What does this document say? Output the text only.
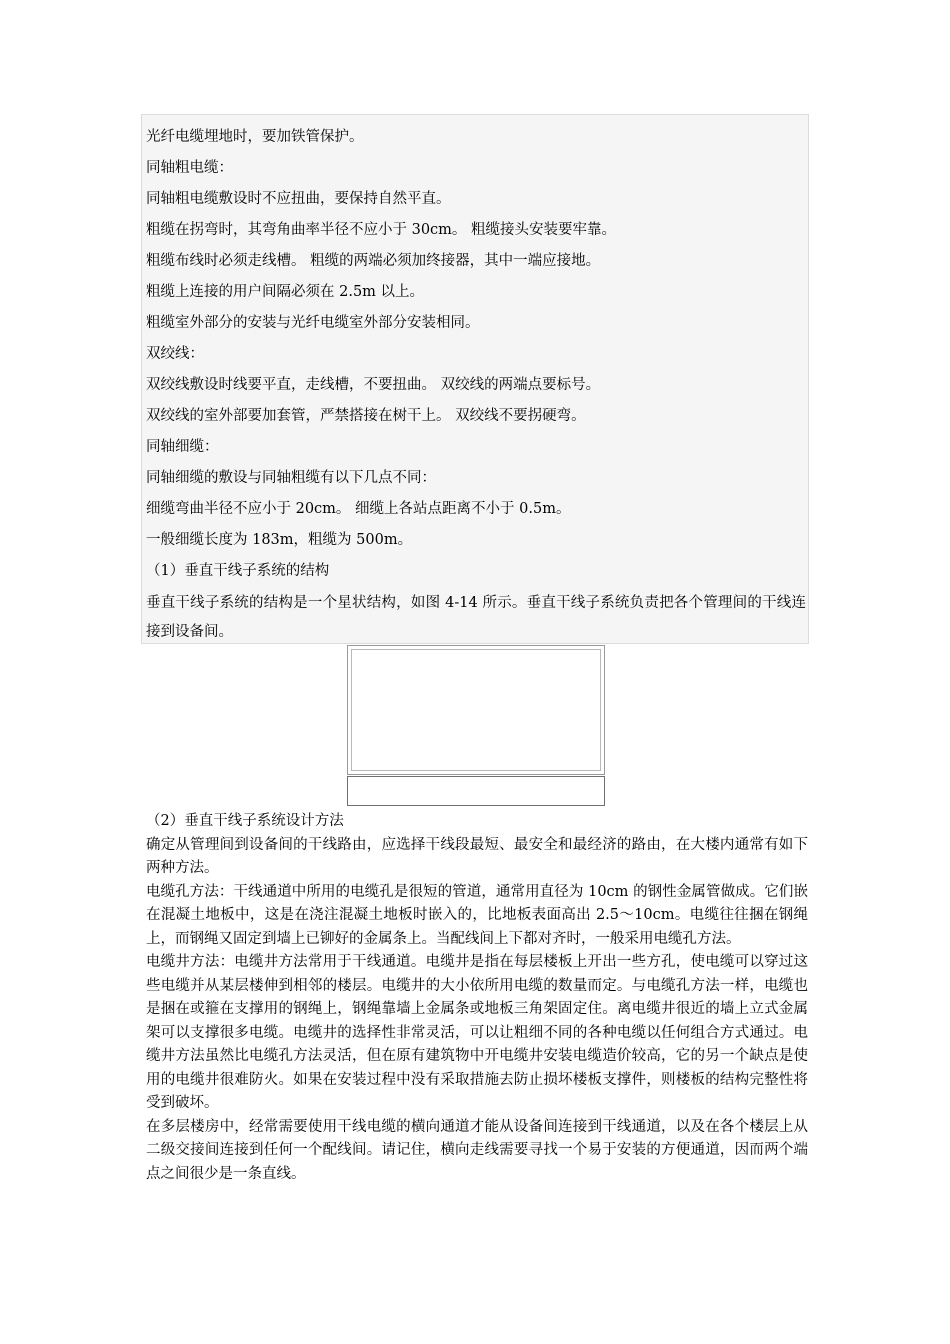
光纤电缆埋地时，要加铁管保护。
同轴粗电缆：
同轴粗电缆敷设时不应扭曲，要保持自然平直。
粗缆在拐弯时，其弯角曲率半径不应小于 30cm。 粗缆接头安装要牢靠。
粗缆布线时必须走线槽。 粗缆的两端必须加终接器，其中一端应接地。
粗缆上连接的用户间隔必须在 2.5m 以上。
粗缆室外部分的安装与光纤电缆室外部分安装相同。
双绞线：
双绞线敷设时线要平直，走线槽，不要扭曲。 双绞线的两端点要标号。
双绞线的室外部要加套管，严禁搭接在树干上。 双绞线不要拐硬弯。
同轴细缆：
同轴细缆的敷设与同轴粗缆有以下几点不同：
细缆弯曲半径不应小于 20cm。 细缆上各站点距离不小于 0.5m。
一般细缆长度为 183m，粗缆为 500m。
（1）垂直干线子系统的结构
垂直干线子系统的结构是一个星状结构，如图 4-14 所示。垂直干线子系统负责把各个管理间的干线连接到设备间。

（2）垂直干线子系统设计方法

确定从管理间到设备间的干线路由，应选择干线段最短、最安全和最经济的路由，在大楼内通常有如下两种方法。

电缆孔方法：干线通道中所用的电缆孔是很短的管道，通常用直径为 10cm 的钢性金属管做成。它们嵌在混凝土地板中，这是在浇注混凝土地板时嵌入的，比地板表面高出 2.5～10cm。电缆往往捆在钢绳上，而钢绳又固定到墙上已铆好的金属条上。当配线间上下都对齐时，一般采用电缆孔方法。

电缆井方法：电缆井方法常用于干线通道。电缆井是指在每层楼板上开出一些方孔，使电缆可以穿过这些电缆并从某层楼伸到相邻的楼层。电缆井的大小依所用电缆的数量而定。与电缆孔方法一样，电缆也是捆在或箍在支撑用的钢绳上，钢绳靠墙上金属条或地板三角架固定住。离电缆井很近的墙上立式金属架可以支撑很多电缆。电缆井的选择性非常灵活，可以让粗细不同的各种电缆以任何组合方式通过。电缆井方法虽然比电缆孔方法灵活，但在原有建筑物中开电缆井安装电缆造价较高，它的另一个缺点是使用的电缆井很难防火。如果在安装过程中没有采取措施去防止损坏楼板支撑件，则楼板的结构完整性将受到破坏。

在多层楼房中，经常需要使用干线电缆的横向通道才能从设备间连接到干线通道，以及在各个楼层上从二级交接间连接到任何一个配线间。请记住，横向走线需要寻找一个易于安装的方便通道，因而两个端点之间很少是一条直线。
